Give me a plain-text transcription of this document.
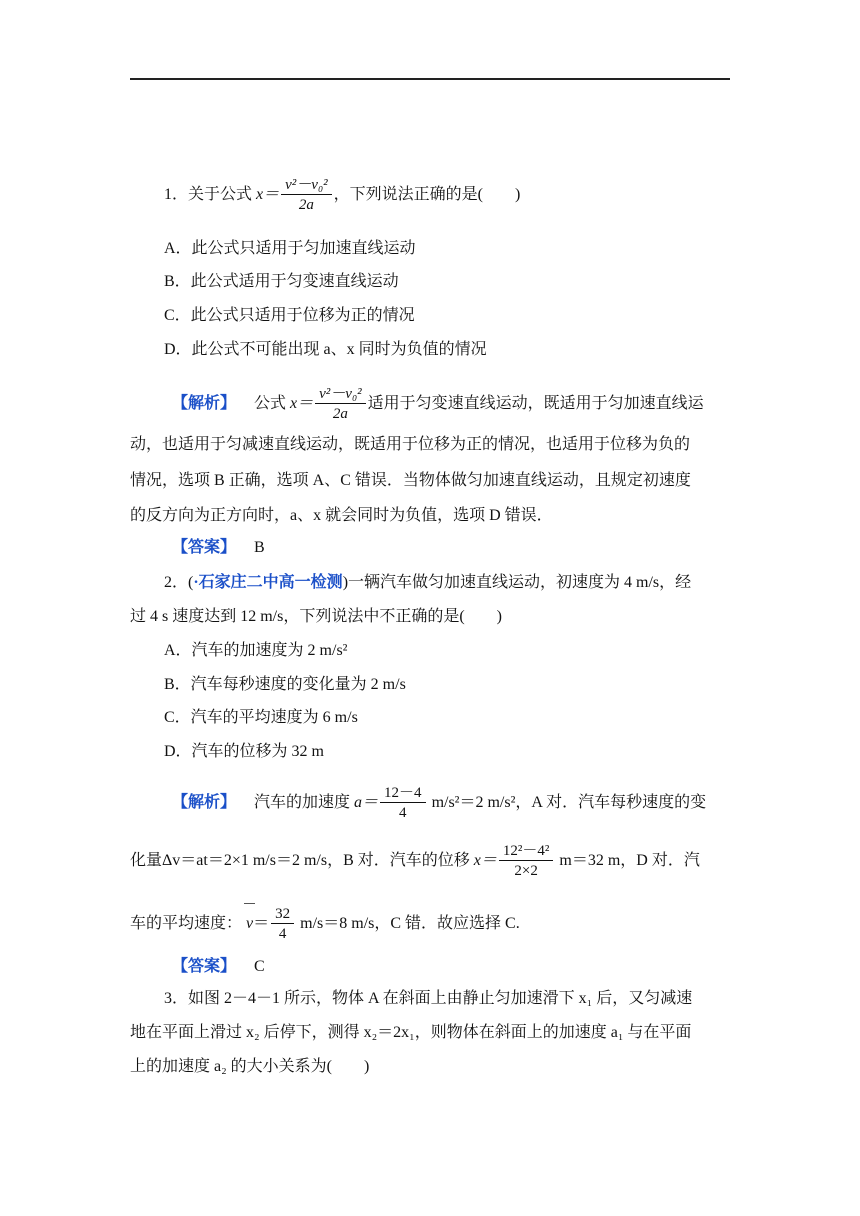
1．关于公式 $x= \frac{\text{v²－v₀²}}{2a}$ ，下列说法正确的是(　　)
A．此公式只适用于匀加速直线运动
B．此公式适用于匀变速直线运动
C．此公式只适用于位移为正的情况
D．此公式不可能出现 a、x 同时为负值的情况
【解析】 公式 $x= \frac{\text{v²－v₀²}}{2a}$ 适用于匀变速直线运动，既适用于匀加速直线运
动，也适用于匀减速直线运动，既适用于位移为正的情况，也适用于位移为负的
情况，选项 B 正确，选项 A、C 错误．当物体做匀加速直线运动，且规定初速度
的反方向为正方向时，a、x 就会同时为负值，选项 D 错误．
【答案】 B
2．(·石家庄二中高一检测)一辆汽车做匀加速直线运动，初速度为 4 m/s，经
过 4 s 速度达到 12 m/s，下列说法中不正确的是(　　)
A．汽车的加速度为 2 m/s²
B．汽车每秒速度的变化量为 2 m/s
C．汽车的平均速度为 6 m/s
D．汽车的位移为 32 m
【解析】 汽车的加速度 $a= \frac{12-4}{4} m/s^2=2$ m/s²，A 对．汽车每秒速度的变
化量Δv＝at＝2×1 m/s＝2 m/s，B 对．汽车的位移 $x= \frac{\text{12²－4²}}{2\times 2} m=32$ m，D 对．汽
车的平均速度： $v= \frac{32}{4} m/s=8$ m/s，C 错．故应选择 C.
【答案】 C
3．如图 2－4－1 所示，物体 A 在斜面上由静止匀加速滑下 x₁ 后，又匀减速
地在平面上滑过 x₂ 后停下，测得 x₂＝2x₁，则物体在斜面上的加速度 a₁ 与在平面
上的加速度 a₂ 的大小关系为(　　)
